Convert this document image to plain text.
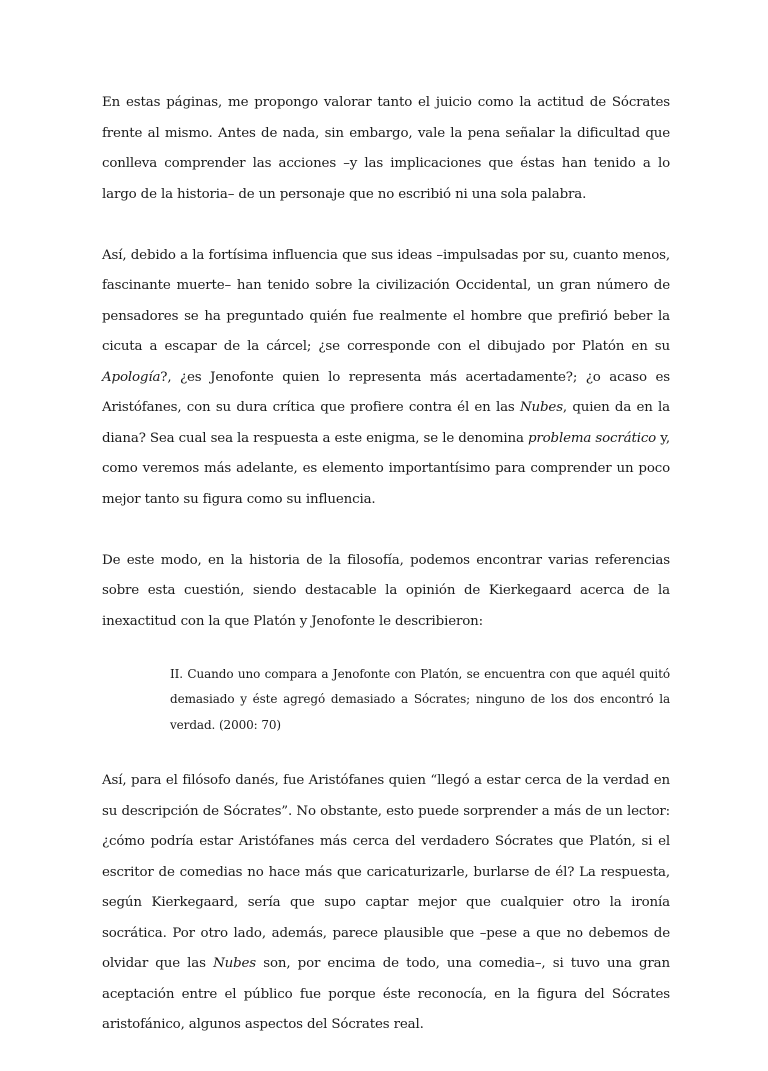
En estas páginas, me propongo valorar tanto el juicio como la actitud de Sócrates frente al mismo. Antes de nada, sin embargo, vale la pena señalar la dificultad que conlleva comprender las acciones –y las implicaciones que éstas han tenido a lo largo de la historia– de un personaje que no escribió ni una sola palabra.

Así, debido a la fortísima influencia que sus ideas –impulsadas por su, cuanto menos, fascinante muerte– han tenido sobre la civilización Occidental, un gran número de pensadores se ha preguntado quién fue realmente el hombre que prefirió beber la cicuta a escapar de la cárcel; ¿se corresponde con el dibujado por Platón en su Apología?, ¿es Jenofonte quien lo representa más acertadamente?; ¿o acaso es Aristófanes, con su dura crítica que profiere contra él en las Nubes, quien da en la diana? Sea cual sea la respuesta a este enigma, se le denomina problema socrático y, como veremos más adelante, es elemento importantísimo para comprender un poco mejor tanto su figura como su influencia.

De este modo, en la historia de la filosofía, podemos encontrar varias referencias sobre esta cuestión, siendo destacable la opinión de Kierkegaard acerca de la inexactitud con la que Platón y Jenofonte le describieron:

II. Cuando uno compara a Jenofonte con Platón, se encuentra con que aquél quitó demasiado y éste agregó demasiado a Sócrates; ninguno de los dos encontró la verdad. (2000: 70)

Así, para el filósofo danés, fue Aristófanes quien “llegó a estar cerca de la verdad en su descripción de Sócrates”. No obstante, esto puede sorprender a más de un lector: ¿cómo podría estar Aristófanes más cerca del verdadero Sócrates que Platón, si el escritor de comedias no hace más que caricaturizarle, burlarse de él? La respuesta, según Kierkegaard, sería que supo captar mejor que cualquier otro la ironía socrática. Por otro lado, además, parece plausible que –pese a que no debemos de olvidar que las Nubes son, por encima de todo, una comedia–, si tuvo una gran aceptación entre el público fue porque éste reconocía, en la figura del Sócrates aristofánico, algunos aspectos del Sócrates real.
